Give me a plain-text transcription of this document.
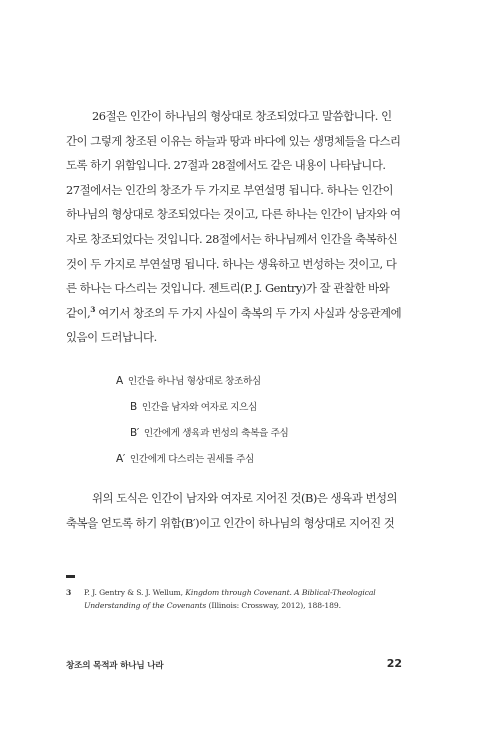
26절은 인간이 하나님의 형상대로 창조되었다고 말씀합니다. 인간이 그렇게 창조된 이유는 하늘과 땅과 바다에 있는 생명체들을 다스리도록 하기 위함입니다. 27절과 28절에서도 같은 내용이 나타납니다. 27절에서는 인간의 창조가 두 가지로 부연설명 됩니다. 하나는 인간이 하나님의 형상대로 창조되었다는 것이고, 다른 하나는 인간이 남자와 여자로 창조되었다는 것입니다. 28절에서는 하나님께서 인간을 축복하신 것이 두 가지로 부연설명 됩니다. 하나는 생육하고 번성하는 것이고, 다른 하나는 다스리는 것입니다. 젠트리(P. J. Gentry)가 잘 관찰한 바와 같이,$^3$ 여기서 창조의 두 가지 사실이 축복의 두 가지 사실과 상응관계에 있음이 드러납니다.

A 인간을 하나님 형상대로 창조하심
B 인간을 남자와 여자로 지으심
B′ 인간에게 생육과 번성의 축복을 주심
A′ 인간에게 다스리는 권세를 주심

위의 도식은 인간이 남자와 여자로 지어진 것(B)은 생육과 번성의 축복을 얻도록 하기 위함(B′)이고 인간이 하나님의 형상대로 지어진 것

3 P. J. Gentry & S. J. Wellum, Kingdom through Covenant. A Biblical-Theological Understanding of the Covenants (Illinois: Crossway, 2012), 188-189.
창조의 목적과 하나님 나라	22
